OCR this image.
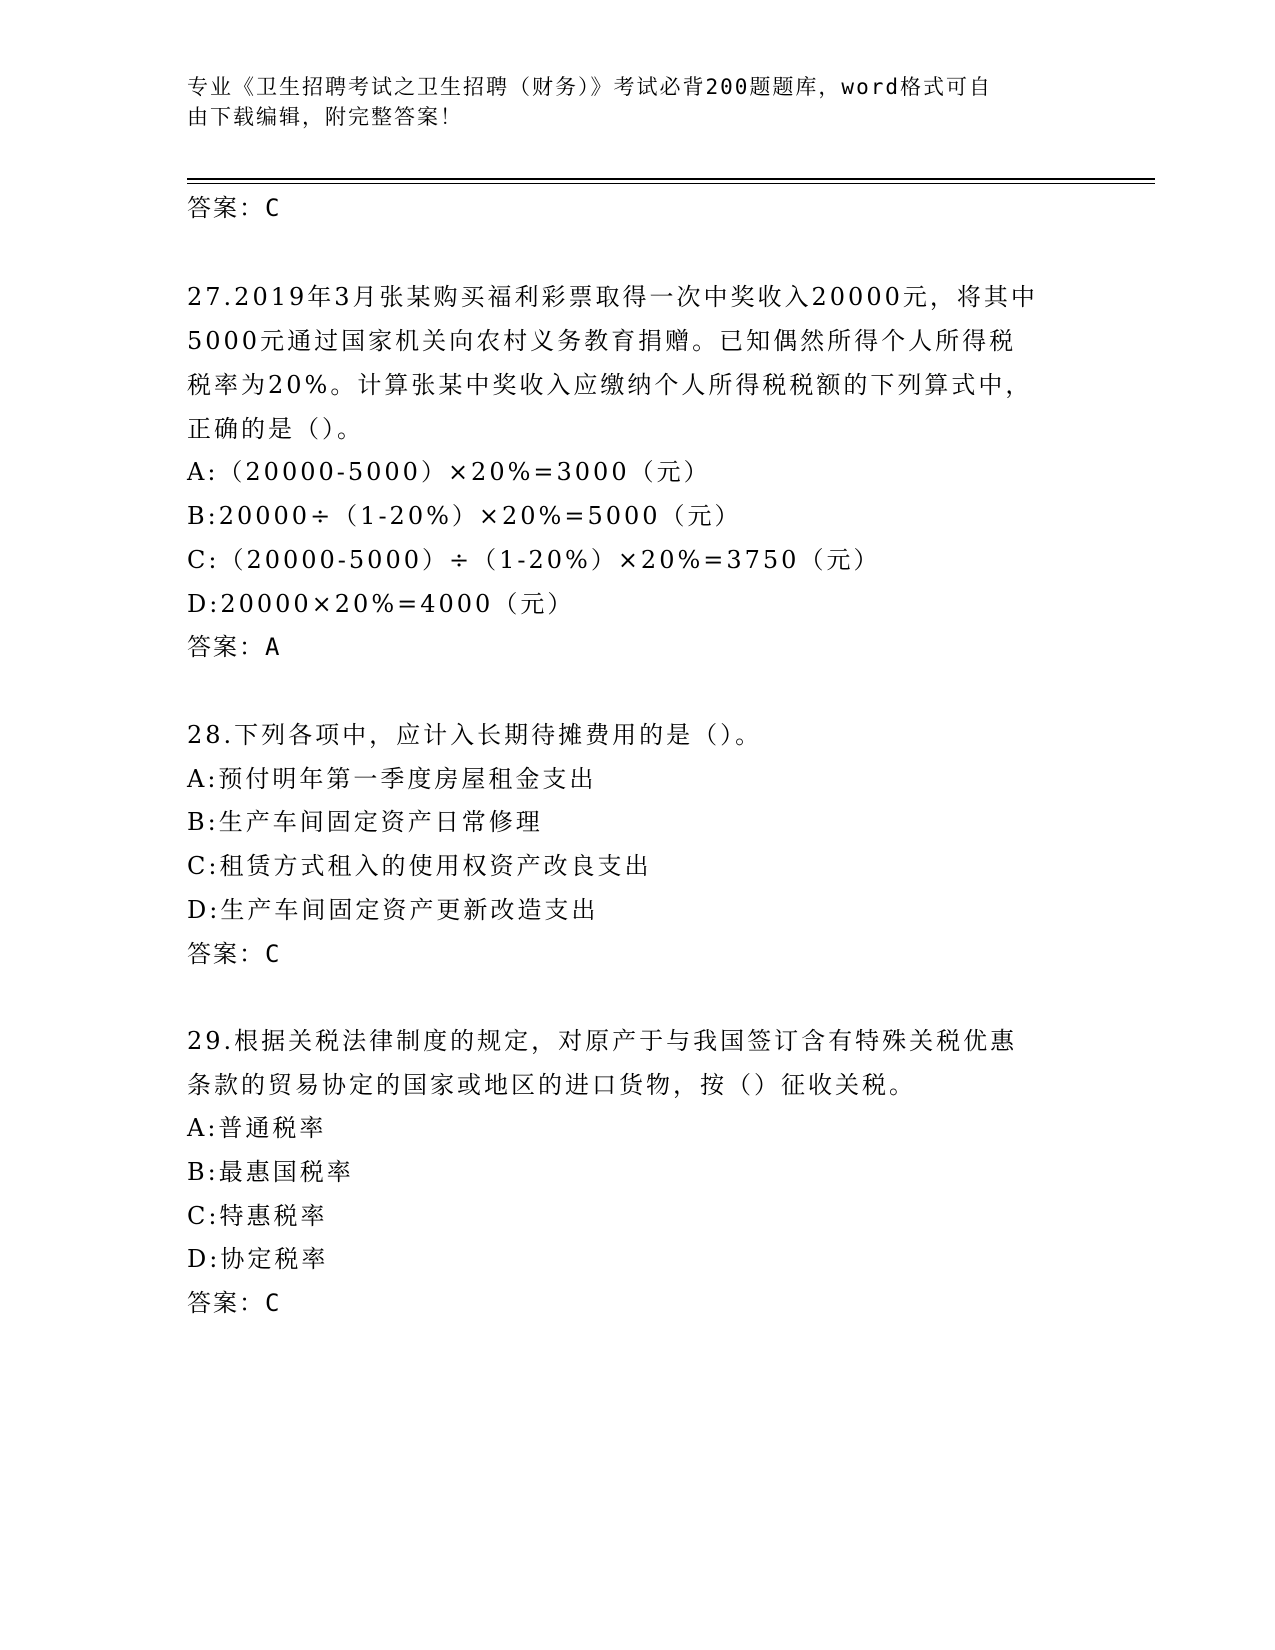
专业《卫生招聘考试之卫生招聘（财务）》考试必背200题题库，word格式可自
由下载编辑，附完整答案！
答案：C
27.2019年3月张某购买福利彩票取得一次中奖收入20000元，将其中
5000元通过国家机关向农村义务教育捐赠。已知偶然所得个人所得税
税率为20%。计算张某中奖收入应缴纳个人所得税税额的下列算式中，
正确的是（）。
A:（20000-5000）×20%=3000（元）
B:20000÷（1-20%）×20%=5000（元）
C:（20000-5000）÷（1-20%）×20%=3750（元）
D:20000×20%=4000（元）
答案：A
28.下列各项中，应计入长期待摊费用的是（）。
A:预付明年第一季度房屋租金支出
B:生产车间固定资产日常修理
C:租赁方式租入的使用权资产改良支出
D:生产车间固定资产更新改造支出
答案：C
29.根据关税法律制度的规定，对原产于与我国签订含有特殊关税优惠
条款的贸易协定的国家或地区的进口货物，按（）征收关税。
A:普通税率
B:最惠国税率
C:特惠税率
D:协定税率
答案：C
